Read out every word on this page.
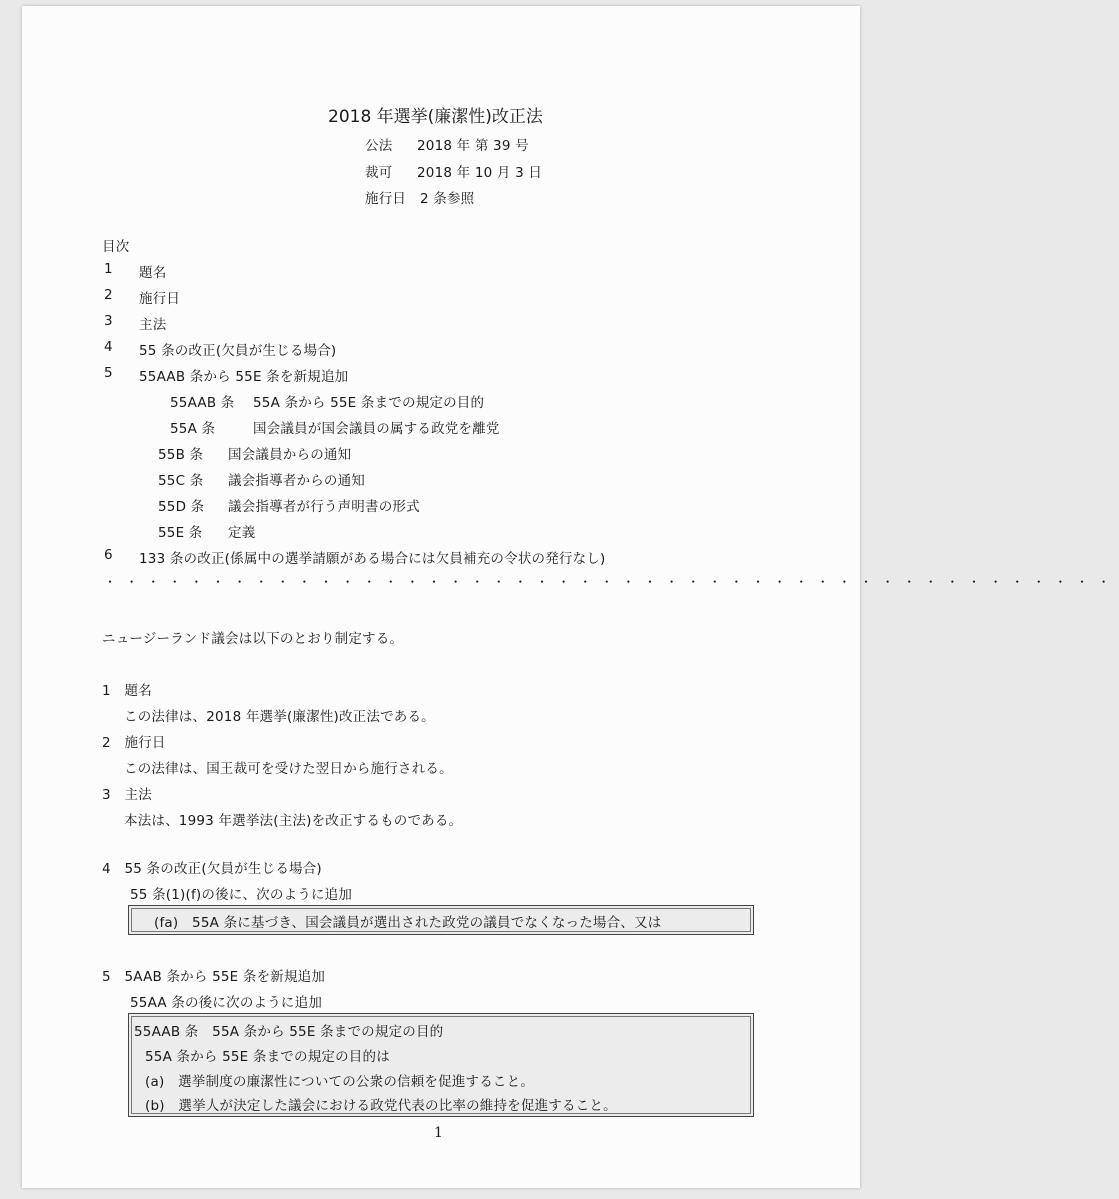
2018 年選挙(廉潔性)改正法
公法 2018 年 第 39 号
裁可 2018 年 10 月 3 日
施行日 2 条参照
目次
1 題名
2 施行日
3 主法
4 55 条の改正(欠員が生じる場合)
5 55AAB 条から 55E 条を新規追加
55AAB 条 55A 条から 55E 条までの規定の目的
55A 条	国会議員が国会議員の属する政党を離党
55B 条 国会議員からの通知
55C 条 議会指導者からの通知
55D 条 議会指導者が行う声明書の形式
55E 条 定義
6 133 条の改正(係属中の選挙請願がある場合には欠員補充の令状の発行なし)
・・・・・・・・・・・・・・・・・・・・・・・・・・・・・・・・・・・・・・・・・・・・・・・
ニュージーランド議会は以下のとおり制定する。
1　題名
この法律は、2018 年選挙(廉潔性)改正法である。
2　施行日
この法律は、国王裁可を受けた翌日から施行される。
3　主法
本法は、1993 年選挙法(主法)を改正するものである。
4　55 条の改正(欠員が生じる場合)
55 条(1)(f)の後に、次のように追加
(fa)　55A 条に基づき、国会議員が選出された政党の議員でなくなった場合、又は
5　5AAB 条から 55E 条を新規追加
55AA 条の後に次のように追加
55AAB 条　55A 条から 55E 条までの規定の目的
55A 条から 55E 条までの規定の目的は
(a)　選挙制度の廉潔性についての公衆の信頼を促進すること。
(b)　選挙人が決定した議会における政党代表の比率の維持を促進すること。
1
